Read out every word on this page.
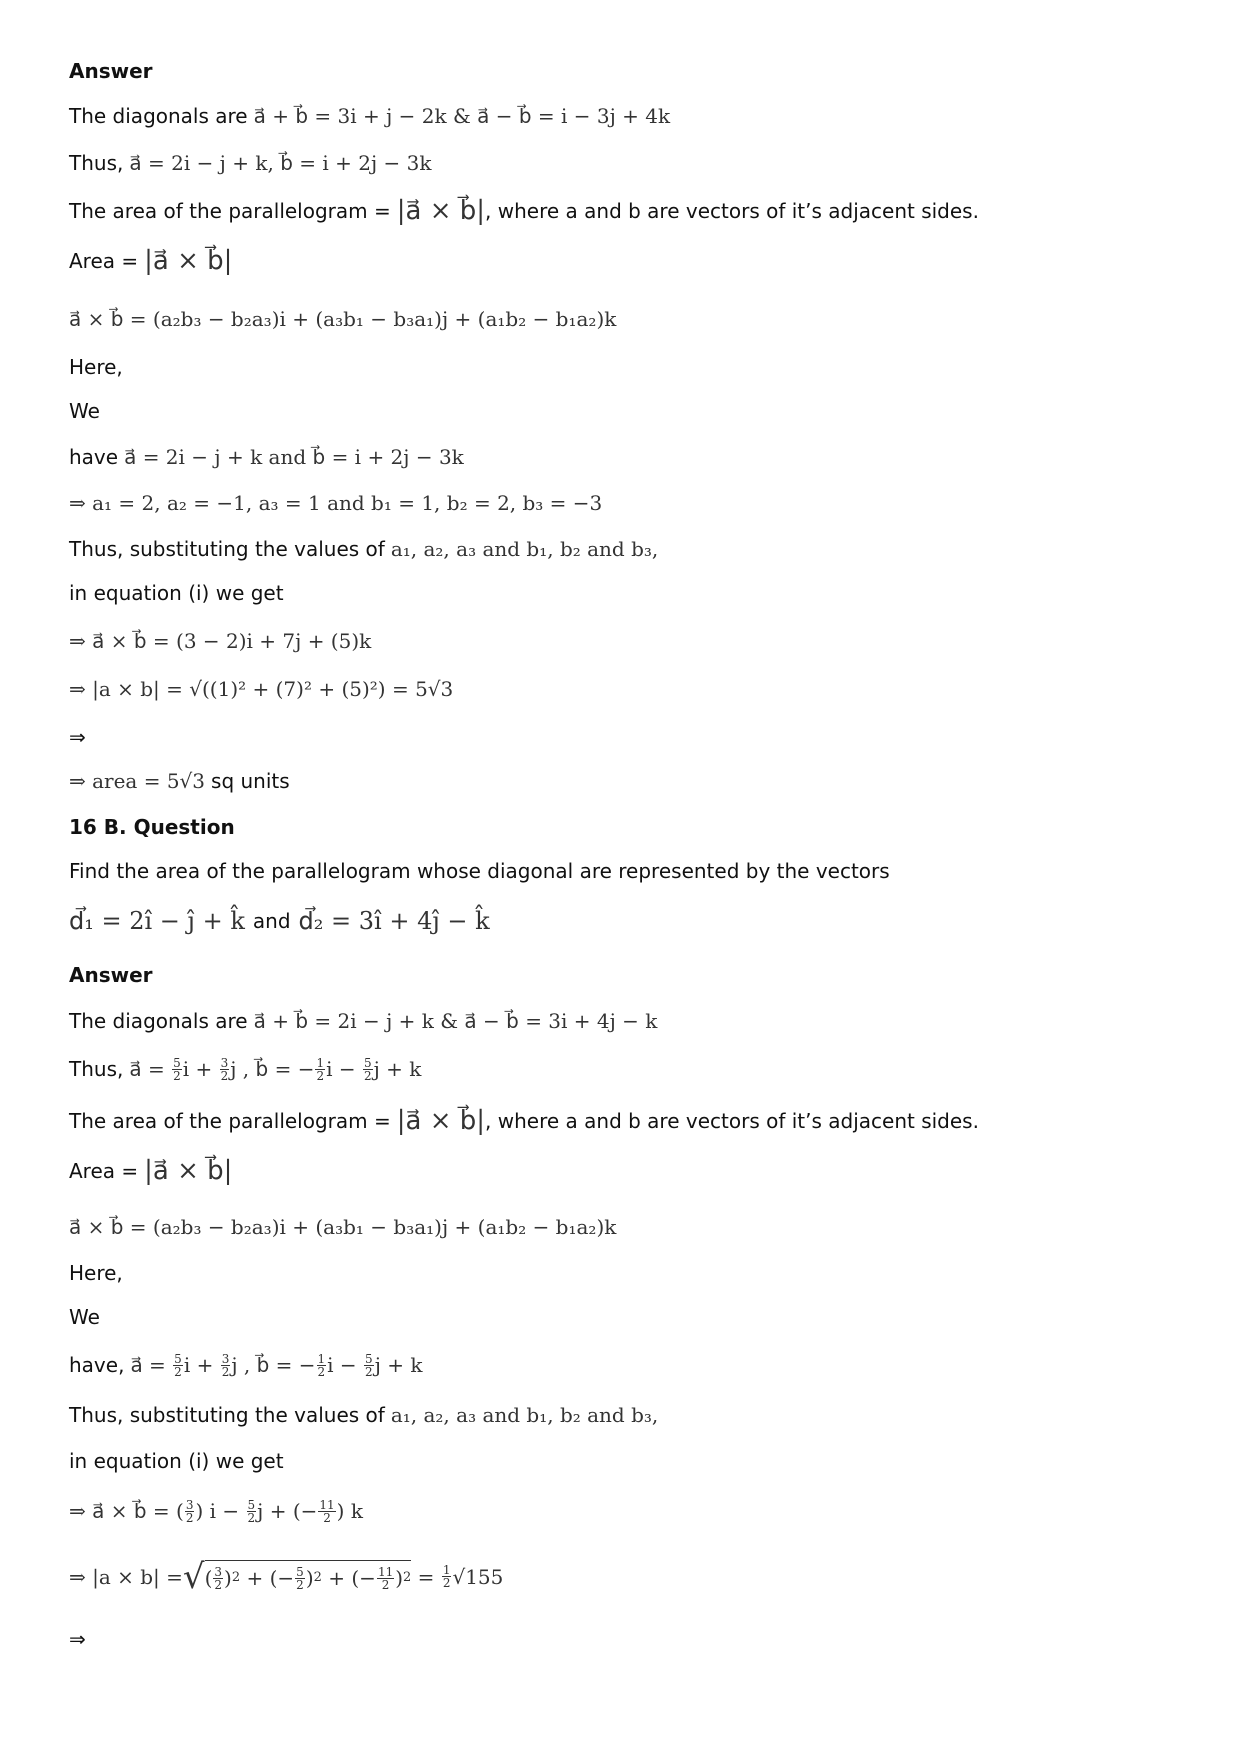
Answer
The diagonals are a⃗ + b⃗ = 3i + j − 2k & a⃗ − b⃗ = i − 3j + 4k
Thus, a⃗ = 2i − j + k, b⃗ = i + 2j − 3k
The area of the parallelogram = |a⃗ × b⃗| , where a and b are vectors of it’s adjacent sides.
Area = |a⃗ × b⃗|
a⃗ × b⃗ = (a₂b₃ − b₂a₃)i + (a₃b₁ − b₃a₁)j + (a₁b₂ − b₁a₂)k
Here,
We
have a⃗ = 2i − j + k and b⃗ = i + 2j − 3k
⇒ a₁ = 2, a₂ = −1, a₃ = 1 and b₁ = 1, b₂ = 2, b₃ = −3
Thus, substituting the values of a₁, a₂, a₃ and b₁, b₂ and b₃,
in equation (i) we get
⇒ a⃗ × b⃗ = (3 − 2)i + 7j + (5)k
⇒ |a × b| = √((1)² + (7)² + (5)²) = 5√3
⇒
⇒ area = 5√3 sq units
16 B. Question
Find the area of the parallelogram whose diagonal are represented by the vectors
d⃗₁ = 2î − ĵ + k̂ and d⃗₂ = 3î + 4ĵ − k̂
Answer
The diagonals are a⃗ + b⃗ = 2i − j + k & a⃗ − b⃗ = 3i + 4j − k
Thus, a⃗ = $\frac{5}{2}$ $i + \frac{3}{2}$ j , b⃗ = − $\frac{1}{2}$ $i - \frac{5}{2}$ j + k
The area of the parallelogram = |a⃗ × b⃗| , where a and b are vectors of it’s adjacent sides.
Area = |a⃗ × b⃗|
a⃗ × b⃗ = (a₂b₃ − b₂a₃)i + (a₃b₁ − b₃a₁)j + (a₁b₂ − b₁a₂)k
Here,
We
have, a⃗ = $\frac{5}{2}$ $i + \frac{3}{2}$ j , b⃗ = − $\frac{1}{2}$ $i - \frac{5}{2}$ j + k
Thus, substituting the values of a₁, a₂, a₃ and b₁, b₂ and b₃,
in equation (i) we get
⇒ a⃗ × b⃗ = ( $\frac{3}{2}$ ) $i - \frac{5}{2}$ j + (− $\frac{11}{2}$ ) k
⇒ |a × b| = √ ( $\frac{3}{2}$ ) 2 + (− $\frac{5}{2}$ ) 2 + (− $\frac{11}{2}$ ) $2 = \frac{1}{2} √155$
⇒
